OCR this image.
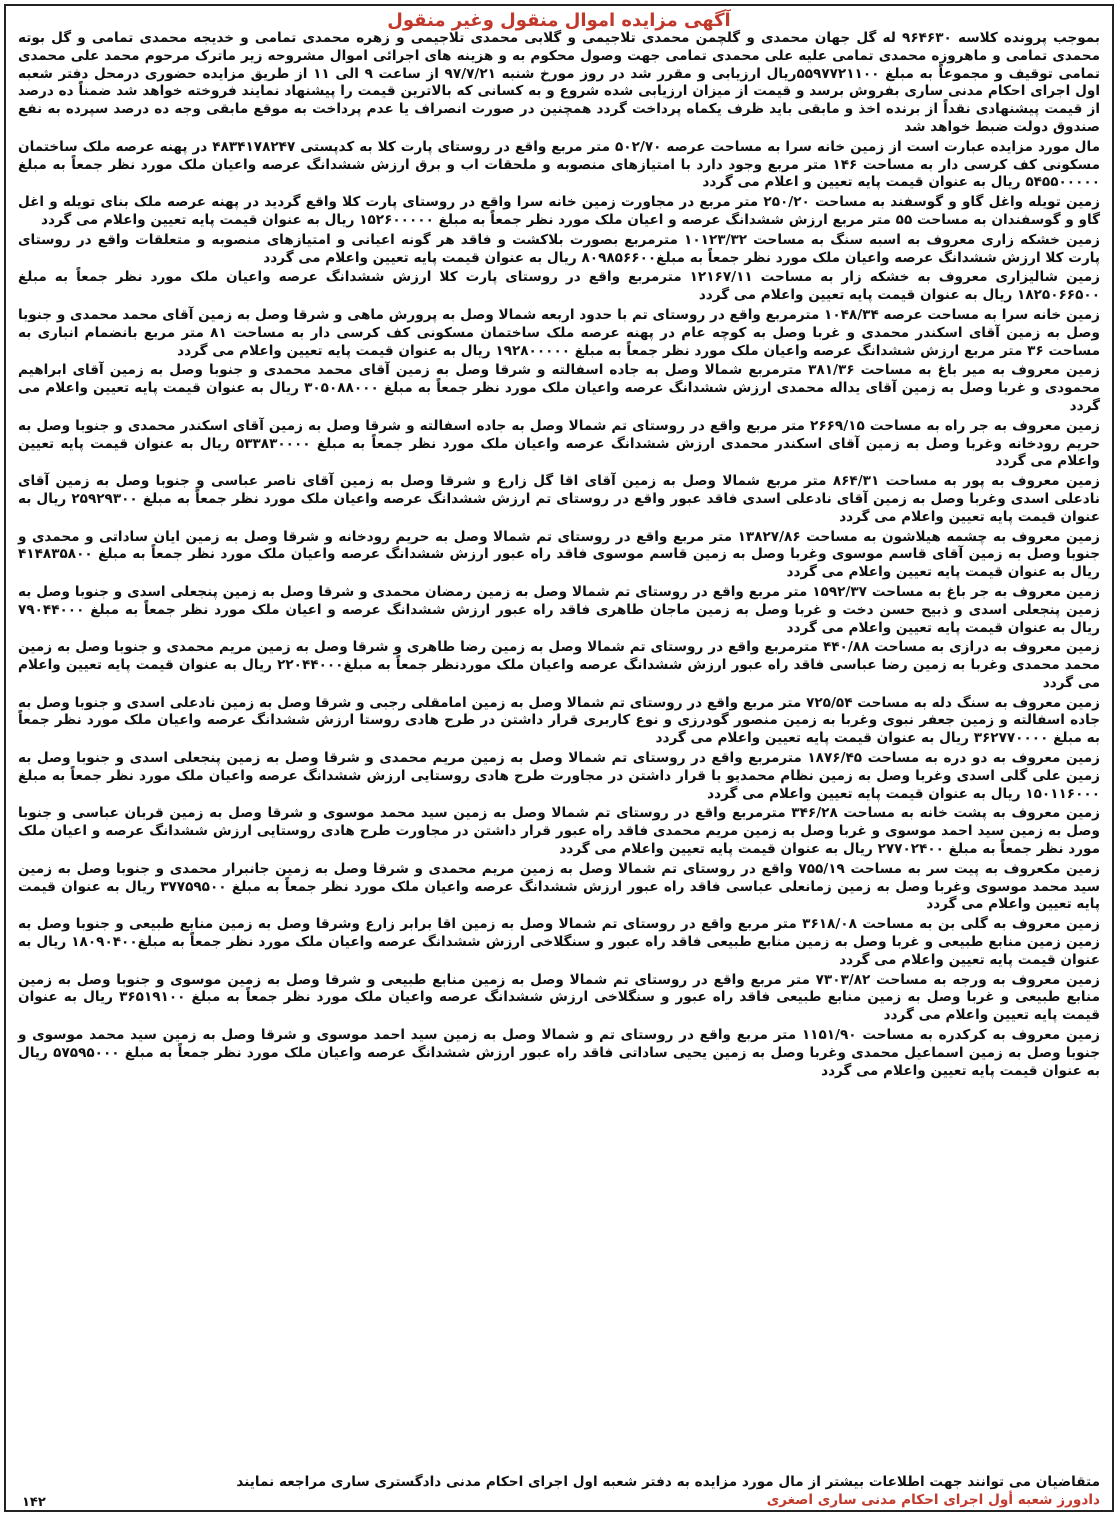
آگهی مزایده اموال منقول وغیر منقول

بموجب پرونده کلاسه ۹۶۴۶۳۰ له گل جهان محمدی و گلچمن محمدی تلاجیمی و گلابی محمدی تلاجیمی و زهره محمدی تمامی و خدیجه محمدی تمامی و گل بوته محمدی تمامی و ماهروزه محمدی تمامی علیه علی محمدی تمامی جهت وصول محکوم به و هزینه های اجرائی اموال مشروحه زیر ماترک مرحوم محمد علی محمدی تمامی توقیف و مجموعاً به مبلغ ۵۵۹۷۷۲۱۱۰۰ریال ارزیابی و مقرر شد در روز مورخ شنبه ۹۷/۷/۲۱ از ساعت ۹ الی ۱۱ از طریق مزایده حضوری درمحل دفتر شعبه اول اجرای احکام مدنی ساری بفروش برسد و قیمت از میزان ارزیابی شده شروع و به کسانی که بالاترین قیمت را پیشنهاد نمایند فروخته خواهد شد ضمناً ده درصد از قیمت پیشنهادی نقداً از برنده اخذ و مابقی باید ظرف یکماه پرداخت گردد همچنین در صورت انصراف یا عدم پرداخت به موقع مابقی وجه ده درصد سپرده به نفع صندوق دولت ضبط خواهد شد

مال مورد مزایده عبارت است از زمین خانه سرا به مساحت عرصه ۵۰۲/۷۰ متر مربع واقع در روستای پارت کلا به کدپستی ۴۸۳۴۱۷۸۲۴۷ در پهنه عرصه ملک ساختمان مسکونی کف کرسی دار به مساحت ۱۴۶ متر مربع وجود دارد با امتیازهای منصوبه و ملحقات اب و برق ارزش ششدانگ عرصه واعیان ملک مورد نظر جمعاً به مبلغ ۵۴۵۵۰۰۰۰۰ ریال به عنوان قیمت پایه تعیین و اعلام می گردد

زمین تویله واغل گاو و گوسفند به مساحت ۲۵۰/۲۰ متر مربع در مجاورت زمین خانه سرا واقع در روستای پارت کلا واقع گردید در پهنه عرصه ملک بنای تویله و اغل گاو و گوسفندان به مساحت ۵۵ متر مربع ارزش ششدانگ عرصه و اعیان ملک مورد نظر جمعاً به مبلغ ۱۵۲۶۰۰۰۰۰ ریال به عنوان قیمت پایه تعیین واعلام می گردد

زمین خشکه زاری معروف به اسبه سنگ به مساحت ۱۰۱۲۳/۳۲ مترمربع بصورت بلاکشت و فاقد هر گونه اعیانی و امتیازهای منصوبه و متعلقات واقع در روستای پارت کلا ارزش ششدانگ عرصه واعیان ملک مورد نظر جمعاً به مبلغ۸۰۹۸۵۶۶۰۰ ریال به عنوان قیمت پایه تعیین واعلام می گردد

زمین شالیزاری معروف به خشکه زار به مساحت ۱۲۱۶۷/۱۱ مترمربع واقع در روستای پارت کلا ارزش ششدانگ عرصه واعیان ملک مورد نظر جمعاً به مبلغ ۱۸۲۵۰۶۶۵۰۰ ریال به عنوان قیمت پایه تعیین واعلام می گردد

زمین خانه سرا به مساحت عرصه ۱۰۴۸/۳۴ مترمربع واقع در روستای تم با حدود اربعه شمالا وصل به پرورش ماهی و شرقا وصل به زمین آقای محمد محمدی و جنوبا وصل به زمین آقای اسکندر محمدی و غربا وصل به کوچه عام در پهنه عرصه ملک ساختمان مسکونی کف کرسی دار به مساحت ۸۱ متر مربع بانضمام انباری به مساحت ۳۶ متر مربع ارزش ششدانگ عرصه واعیان ملک مورد نظر جمعاً به مبلغ ۱۹۲۸۰۰۰۰۰ ریال به عنوان قیمت پایه تعیین واعلام می گردد

زمین معروف به میر باغ به مساحت ۳۸۱/۳۶ مترمربع شمالا وصل به جاده اسفالته و شرقا وصل به زمین آقای محمد محمدی و جنوبا وصل به زمین آقای ابراهیم محمودی و غربا وصل به زمین آقای یداله محمدی ارزش ششدانگ عرصه واعیان ملک مورد نظر جمعاً به مبلغ ۳۰۵۰۸۸۰۰۰ ریال به عنوان قیمت پایه تعیین واعلام می گردد

زمین معروف به جر راه به مساحت ۲۶۶۹/۱۵ متر مربع واقع در روستای تم شمالا وصل به جاده اسفالته و شرقا وصل به زمین آقای اسکندر محمدی و جنوبا وصل به حریم رودخانه وغربا وصل به زمین آقای اسکندر محمدی ارزش ششدانگ عرصه واعیان ملک مورد نظر جمعاً به مبلغ ۵۳۳۸۳۰۰۰۰ ریال به عنوان قیمت پایه تعیین واعلام می گردد

زمین معروف به پور به مساحت ۸۶۴/۳۱ متر مربع شمالا وصل به زمین آقای اقا گل زارع و شرقا وصل به زمین آقای ناصر عباسی و جنوبا وصل به زمین آقای نادعلی اسدی وغربا وصل به زمین آقای نادعلی اسدی فاقد عبور واقع در روستای تم ارزش ششدانگ عرصه واعیان ملک مورد نظر جمعاً به مبلغ ۲۵۹۲۹۳۰۰ ریال به عنوان قیمت پایه تعیین واعلام می گردد

زمین معروف به چشمه هیلاشون به مساحت ۱۳۸۲۷/۸۶ متر مربع واقع در روستای تم شمالا وصل به حریم رودخانه و شرقا وصل به زمین ایان ساداتی و محمدی و جنوبا وصل به زمین آقای قاسم موسوی وغربا وصل به زمین قاسم موسوی فاقد راه عبور ارزش ششدانگ عرصه واعیان ملک مورد نظر جمعاً به مبلغ ۴۱۴۸۳۵۸۰۰ ریال به عنوان قیمت پایه تعیین واعلام می گردد

زمین معروف به جر باغ به مساحت ۱۵۹۲/۳۷ متر مربع واقع در روستای تم شمالا وصل به زمین رمضان محمدی و شرقا وصل به زمین پنجعلی اسدی و جنوبا وصل به زمین پنجعلی اسدی و ذبیح حسن دخت و غربا وصل به زمین ماجان طاهری فاقد راه عبور ارزش ششدانگ عرصه و اعیان ملک مورد نظر جمعاً به مبلغ ۷۹۰۴۴۰۰۰ ریال به عنوان قیمت پایه تعیین واعلام می گردد

زمین معروف به درازی به مساحت ۴۴۰/۸۸ مترمربع واقع در روستای تم شمالا وصل به زمین رضا طاهری و شرقا وصل به زمین مریم محمدی و جنوبا وصل به زمین محمد محمدی وغربا به زمین رضا عباسی فاقد راه عبور ارزش ششدانگ عرصه واعیان ملک موردنظر جمعاً به مبلغ۲۲۰۴۴۰۰۰ ریال به عنوان قیمت پایه تعیین واعلام می گردد

زمین معروف به سنگ دله به مساحت ۷۲۵/۵۴ متر مربع واقع در روستای تم شمالا وصل به زمین امامقلی رجبی و شرقا وصل به زمین نادعلی اسدی و جنوبا وصل به جاده اسفالته و زمین جعفر نبوی وغربا به زمین منصور گودرزی و نوع کاربری قرار داشتن در طرح هادی روستا ارزش ششدانگ عرصه واعیان ملک مورد نظر جمعاً به مبلغ ۳۶۲۷۷۰۰۰۰ ریال به عنوان قیمت پایه تعیین واعلام می گردد

زمین معروف به دو دره به مساحت ۱۸۷۶/۴۵ مترمربع واقع در روستای تم شمالا وصل به زمین مریم محمدی و شرقا وصل به زمین پنجعلی اسدی و جنوبا وصل به زمین علی گلی اسدی وغربا وصل به زمین نظام محمدیو با قرار داشتن در مجاورت طرح هادی روستایی ارزش ششدانگ عرصه واعیان ملک مورد نظر جمعاً به مبلغ ۱۵۰۱۱۶۰۰۰ ریال به عنوان قیمت پایه تعیین واعلام می گردد

زمین معروف به پشت خانه به مساحت ۳۴۶/۲۸ مترمربع واقع در روستای تم شمالا وصل به زمین سید محمد موسوی و شرقا وصل به زمین قربان عباسی و جنوبا وصل به زمین سید احمد موسوی و غربا وصل به زمین مریم محمدی فاقد راه عبور قرار داشتن در مجاورت طرح هادی روستایی ارزش ششدانگ عرصه و اعیان ملک مورد نظر جمعاً به مبلغ ۲۷۷۰۲۴۰۰ ریال به عنوان قیمت پایه تعیین واعلام می گردد

زمین مکعروف به پیت سر به مساحت ۷۵۵/۱۹ واقع در روستای تم شمالا وصل به زمین مریم محمدی و شرقا وصل به زمین جانبرار محمدی و جنوبا وصل به زمین سید محمد موسوی وغربا وصل به زمین زمانعلی عباسی فاقد راه عبور ارزش ششدانگ عرصه واعیان ملک مورد نظر جمعاً به مبلغ ۳۷۷۵۹۵۰۰ ریال به عنوان قیمت پایه تعیین واعلام می گردد

زمین معروف به گلی بن به مساحت ۳۶۱۸/۰۸ متر مربع واقع در روستای تم شمالا وصل به زمین اقا برابر زارع وشرقا وصل به زمین منابع طبیعی و جنوبا وصل به زمین زمین منابع طبیعی و غربا وصل به زمین منابع طبیعی فاقد راه عبور و سنگلاخی ارزش ششدانگ عرصه واعیان ملک مورد نظر جمعاً به مبلغ۱۸۰۹۰۴۰۰ ریال به عنوان قیمت پایه تعیین واعلام می گردد

زمین معروف به ورجه به مساحت ۷۳۰۳/۸۲ متر مربع واقع در روستای تم شمالا وصل به زمین منابع طبیعی و شرقا وصل به زمین موسوی و جنوبا وصل به زمین منابع طبیعی و غربا وصل به زمین منابع طبیعی فاقد راه عبور و سنگلاخی ارزش ششدانگ عرصه واعیان ملک مورد نظر جمعاً به مبلغ ۳۶۵۱۹۱۰۰ ریال به عنوان قیمت پایه تعیین واعلام می گردد

زمین معروف به کرکدره به مساحت ۱۱۵۱/۹۰ متر مربع واقع در روستای تم و شمالا وصل به زمین سید احمد موسوی و شرقا وصل به زمین سید محمد موسوی و جنوبا وصل به زمین اسماعیل محمدی وغربا وصل به زمین یحیی ساداتی فاقد راه عبور ارزش ششدانگ عرصه واعیان ملک مورد نظر جمعاً به مبلغ ۵۷۵۹۵۰۰۰ ریال به عنوان قیمت پایه تعیین واعلام می گردد

متقاضیان می توانند جهت اطلاعات بیشتر از مال مورد مزایده به دفتر شعبه اول اجرای احکام مدنی دادگستری ساری مراجعه نمایند
دادورز شعبه أول اجرای احکام مدنی ساری اصغری
۱۴۲
